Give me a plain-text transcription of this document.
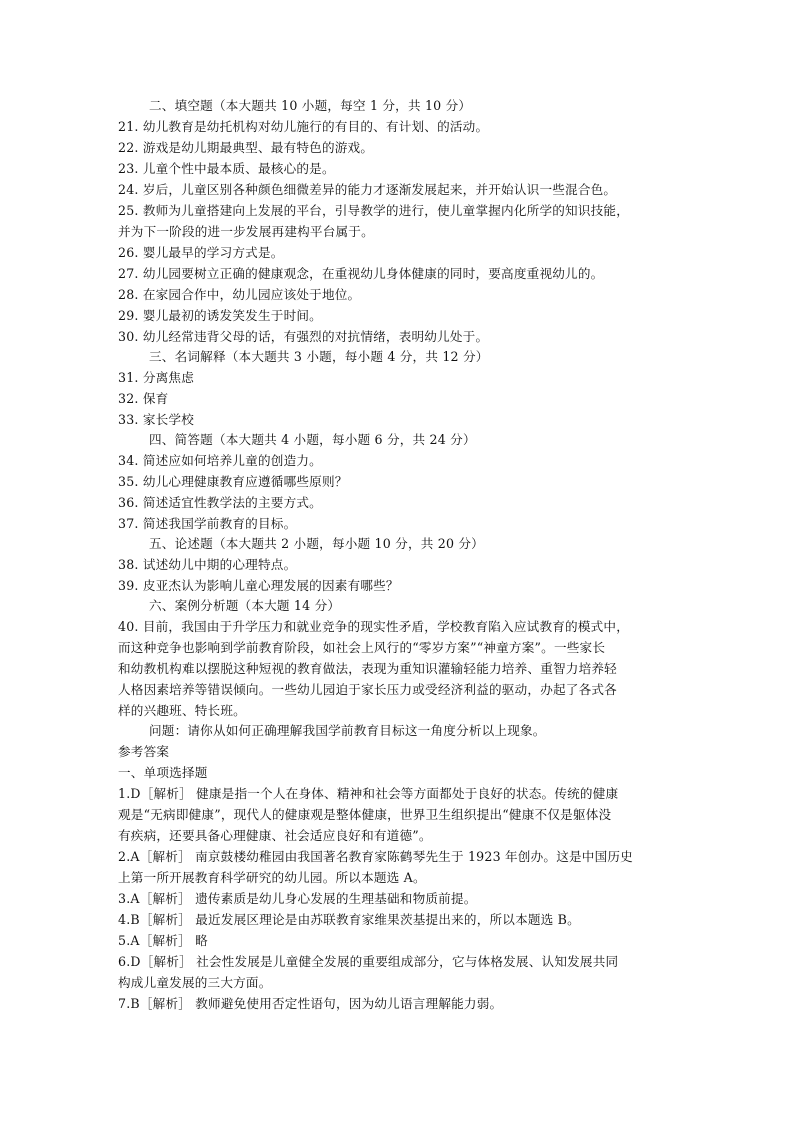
二、填空题（本大题共 10 小题，每空 1 分，共 10 分）
21. 幼儿教育是幼托机构对幼儿施行的有目的、有计划、的活动。
22. 游戏是幼儿期最典型、最有特色的游戏。
23. 儿童个性中最本质、最核心的是。
24. 岁后，儿童区别各种颜色细微差异的能力才逐渐发展起来，并开始认识一些混合色。
25. 教师为儿童搭建向上发展的平台，引导教学的进行，使儿童掌握内化所学的知识技能，
并为下一阶段的进一步发展再建构平台属于。
26. 婴儿最早的学习方式是。
27. 幼儿园要树立正确的健康观念，在重视幼儿身体健康的同时，要高度重视幼儿的。
28. 在家园合作中，幼儿园应该处于地位。
29. 婴儿最初的诱发笑发生于时间。
30. 幼儿经常违背父母的话，有强烈的对抗情绪，表明幼儿处于。
三、名词解释（本大题共 3 小题，每小题 4 分，共 12 分）
31. 分离焦虑
32. 保育
33. 家长学校
四、简答题（本大题共 4 小题，每小题 6 分，共 24 分）
34. 简述应如何培养儿童的创造力。
35. 幼儿心理健康教育应遵循哪些原则？
36. 简述适宜性教学法的主要方式。
37. 简述我国学前教育的目标。
五、论述题（本大题共 2 小题，每小题 10 分，共 20 分）
38. 试述幼儿中期的心理特点。
39. 皮亚杰认为影响儿童心理发展的因素有哪些？
六、案例分析题（本大题 14 分）
40. 目前，我国由于升学压力和就业竞争的现实性矛盾，学校教育陷入应试教育的模式中，
而这种竞争也影响到学前教育阶段，如社会上风行的“零岁方案”“神童方案”。一些家长
和幼教机构难以摆脱这种短视的教育做法，表现为重知识灌输轻能力培养、重智力培养轻
人格因素培养等错误倾向。一些幼儿园迫于家长压力或受经济利益的驱动，办起了各式各
样的兴趣班、特长班。
问题：请你从如何正确理解我国学前教育目标这一角度分析以上现象。
参考答案
一、单项选择题
1.D［解析］ 健康是指一个人在身体、精神和社会等方面都处于良好的状态。传统的健康
观是“无病即健康”，现代人的健康观是整体健康，世界卫生组织提出“健康不仅是躯体没
有疾病，还要具备心理健康、社会适应良好和有道德”。
2.A［解析］ 南京鼓楼幼稚园由我国著名教育家陈鹤琴先生于 1923 年创办。这是中国历史
上第一所开展教育科学研究的幼儿园。所以本题选 A。
3.A［解析］ 遗传素质是幼儿身心发展的生理基础和物质前提。
4.B［解析］ 最近发展区理论是由苏联教育家维果茨基提出来的，所以本题选 B。
5.A［解析］ 略
6.D［解析］ 社会性发展是儿童健全发展的重要组成部分，它与体格发展、认知发展共同
构成儿童发展的三大方面。
7.B［解析］ 教师避免使用否定性语句，因为幼儿语言理解能力弱。
